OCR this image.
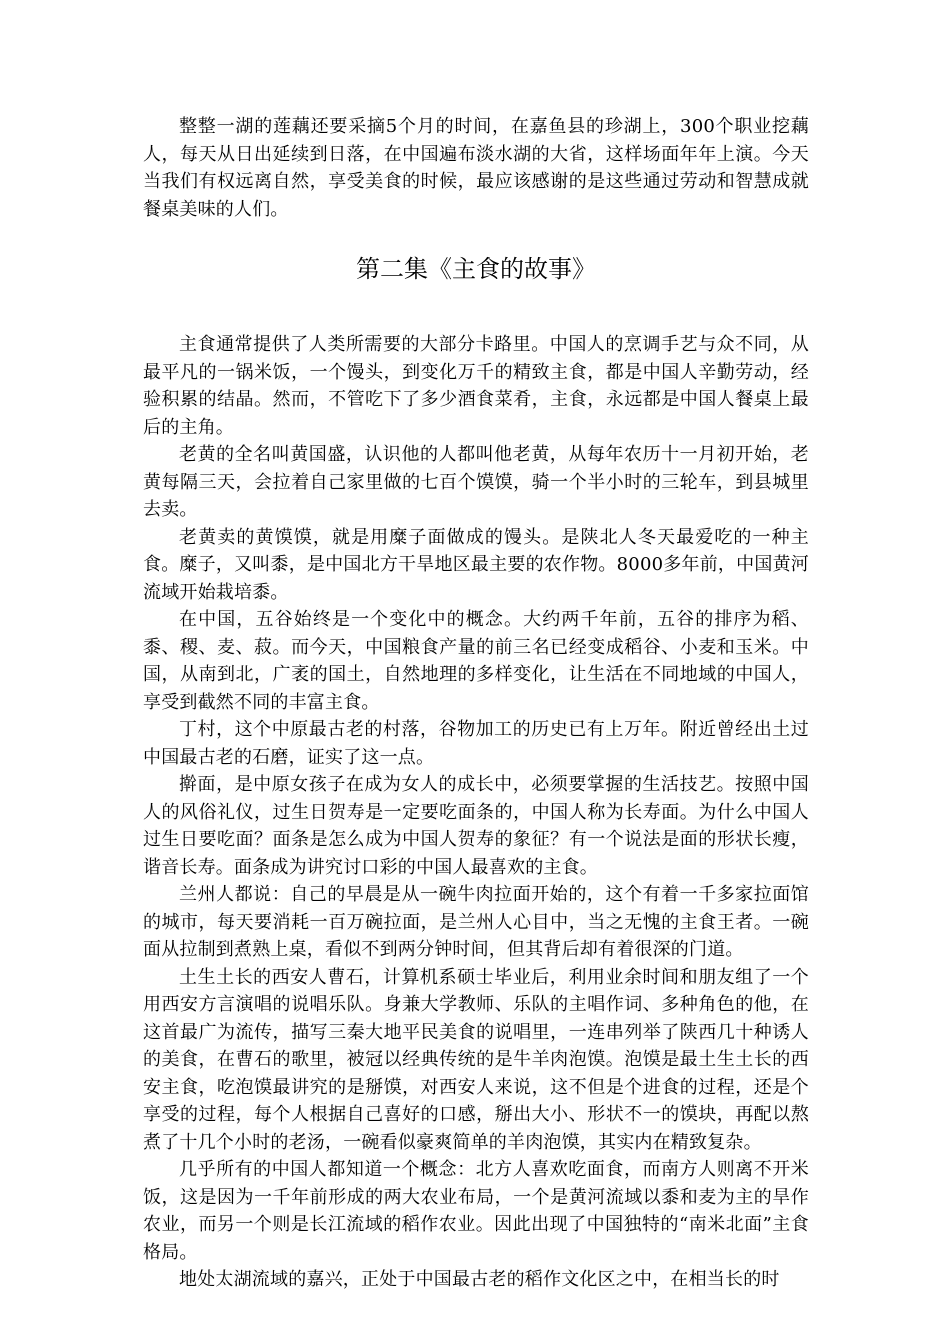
整整一湖的莲藕还要采摘5个月的时间，在嘉鱼县的珍湖上，300个职业挖藕人，每天从日出延续到日落，在中国遍布淡水湖的大省，这样场面年年上演。今天当我们有权远离自然，享受美食的时候，最应该感谢的是这些通过劳动和智慧成就餐桌美味的人们。

第二集《主食的故事》

主食通常提供了人类所需要的大部分卡路里。中国人的烹调手艺与众不同，从最平凡的一锅米饭，一个馒头，到变化万千的精致主食，都是中国人辛勤劳动，经验积累的结晶。然而，不管吃下了多少酒食菜肴，主食，永远都是中国人餐桌上最后的主角。

老黄的全名叫黄国盛，认识他的人都叫他老黄，从每年农历十一月初开始，老黄每隔三天，会拉着自己家里做的七百个馍馍，骑一个半小时的三轮车，到县城里去卖。

老黄卖的黄馍馍，就是用糜子面做成的馒头。是陕北人冬天最爱吃的一种主食。糜子，又叫黍，是中国北方干旱地区最主要的农作物。8000多年前，中国黄河流域开始栽培黍。

在中国，五谷始终是一个变化中的概念。大约两千年前，五谷的排序为稻、黍、稷、麦、菽。而今天，中国粮食产量的前三名已经变成稻谷、小麦和玉米。中国，从南到北，广袤的国土，自然地理的多样变化，让生活在不同地域的中国人，享受到截然不同的丰富主食。

丁村，这个中原最古老的村落，谷物加工的历史已有上万年。附近曾经出土过中国最古老的石磨，证实了这一点。

擀面，是中原女孩子在成为女人的成长中，必须要掌握的生活技艺。按照中国人的风俗礼仪，过生日贺寿是一定要吃面条的，中国人称为长寿面。为什么中国人过生日要吃面？面条是怎么成为中国人贺寿的象征？有一个说法是面的形状长瘦，谐音长寿。面条成为讲究讨口彩的中国人最喜欢的主食。

兰州人都说：自己的早晨是从一碗牛肉拉面开始的，这个有着一千多家拉面馆的城市，每天要消耗一百万碗拉面，是兰州人心目中，当之无愧的主食王者。一碗面从拉制到煮熟上桌，看似不到两分钟时间，但其背后却有着很深的门道。

土生土长的西安人曹石，计算机系硕士毕业后，利用业余时间和朋友组了一个用西安方言演唱的说唱乐队。身兼大学教师、乐队的主唱作词、多种角色的他，在这首最广为流传，描写三秦大地平民美食的说唱里，一连串列举了陕西几十种诱人的美食，在曹石的歌里，被冠以经典传统的是牛羊肉泡馍。泡馍是最土生土长的西安主食，吃泡馍最讲究的是掰馍，对西安人来说，这不但是个进食的过程，还是个享受的过程，每个人根据自己喜好的口感，掰出大小、形状不一的馍块，再配以熬煮了十几个小时的老汤，一碗看似豪爽简单的羊肉泡馍，其实内在精致复杂。

几乎所有的中国人都知道一个概念：北方人喜欢吃面食，而南方人则离不开米饭，这是因为一千年前形成的两大农业布局，一个是黄河流域以黍和麦为主的旱作农业，而另一个则是长江流域的稻作农业。因此出现了中国独特的“南米北面”主食格局。

地处太湖流域的嘉兴，正处于中国最古老的稻作文化区之中，在相当长的时
